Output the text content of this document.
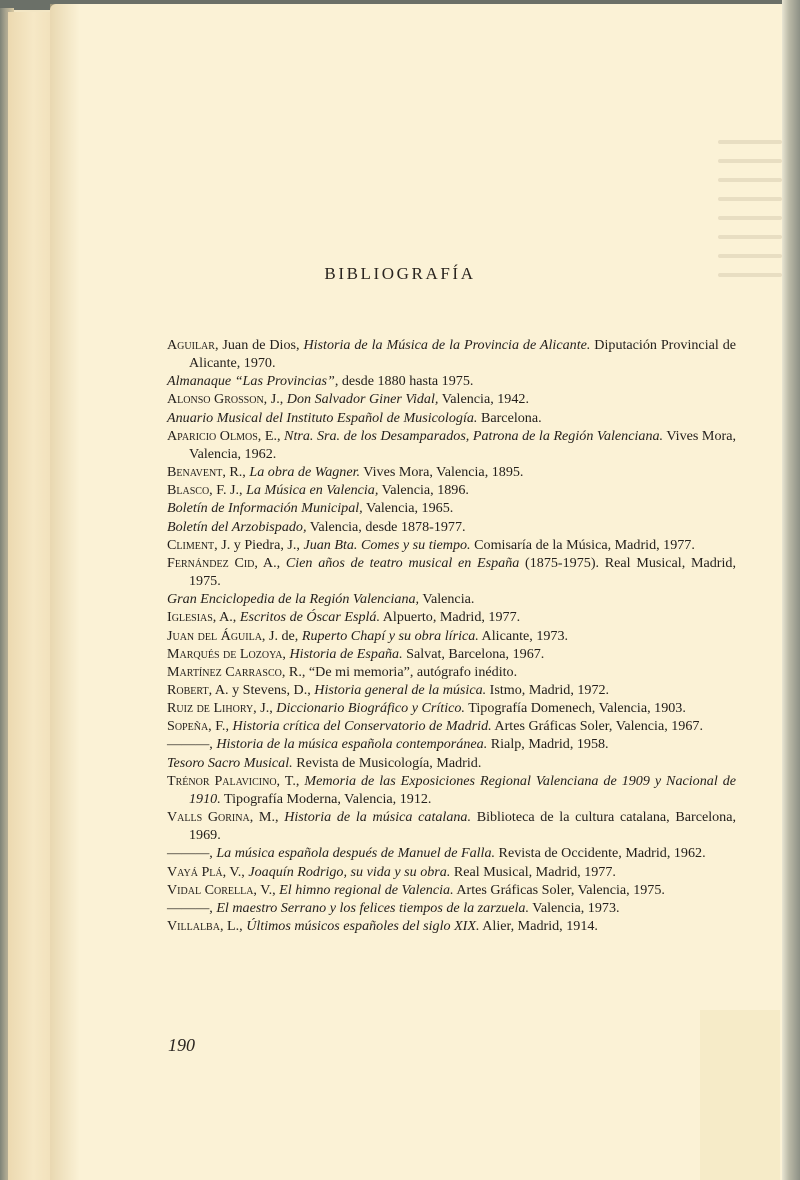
BIBLIOGRAFÍA
Aguilar, Juan de Dios, Historia de la Música de la Provincia de Alicante. Diputación Provincial de Alicante, 1970.
Almanaque “Las Provincias”, desde 1880 hasta 1975.
Alonso Grosson, J., Don Salvador Giner Vidal, Valencia, 1942.
Anuario Musical del Instituto Español de Musicología. Barcelona.
Aparicio Olmos, E., Ntra. Sra. de los Desamparados, Patrona de la Región Valenciana. Vives Mora, Valencia, 1962.
Benavent, R., La obra de Wagner. Vives Mora, Valencia, 1895.
Blasco, F. J., La Música en Valencia, Valencia, 1896.
Boletín de Información Municipal, Valencia, 1965.
Boletín del Arzobispado, Valencia, desde 1878-1977.
Climent, J. y Piedra, J., Juan Bta. Comes y su tiempo. Comisaría de la Música, Madrid, 1977.
Fernández Cid, A., Cien años de teatro musical en España (1875-1975). Real Musical, Madrid, 1975.
Gran Enciclopedia de la Región Valenciana, Valencia.
Iglesias, A., Escritos de Óscar Esplá. Alpuerto, Madrid, 1977.
Juan del Águila, J. de, Ruperto Chapí y su obra lírica. Alicante, 1973.
Marqués de Lozoya, Historia de España. Salvat, Barcelona, 1967.
Martínez Carrasco, R., “De mi memoria”, autógrafo inédito.
Robert, A. y Stevens, D., Historia general de la música. Istmo, Madrid, 1972.
Ruiz de Lihory, J., Diccionario Biográfico y Crítico. Tipografía Domenech, Valencia, 1903.
Sopeña, F., Historia crítica del Conservatorio de Madrid. Artes Gráficas Soler, Valencia, 1967.
———, Historia de la música española contemporánea. Rialp, Madrid, 1958.
Tesoro Sacro Musical. Revista de Musicología, Madrid.
Trénor Palavicino, T., Memoria de las Exposiciones Regional Valenciana de 1909 y Nacional de 1910. Tipografía Moderna, Valencia, 1912.
Valls Gorina, M., Historia de la música catalana. Biblioteca de la cultura catalana, Barcelona, 1969.
———, La música española después de Manuel de Falla. Revista de Occidente, Madrid, 1962.
Vayá Plá, V., Joaquín Rodrigo, su vida y su obra. Real Musical, Madrid, 1977.
Vidal Corella, V., El himno regional de Valencia. Artes Gráficas Soler, Valencia, 1975.
———, El maestro Serrano y los felices tiempos de la zarzuela. Valencia, 1973.
Villalba, L., Últimos músicos españoles del siglo XIX. Alier, Madrid, 1914.
190
